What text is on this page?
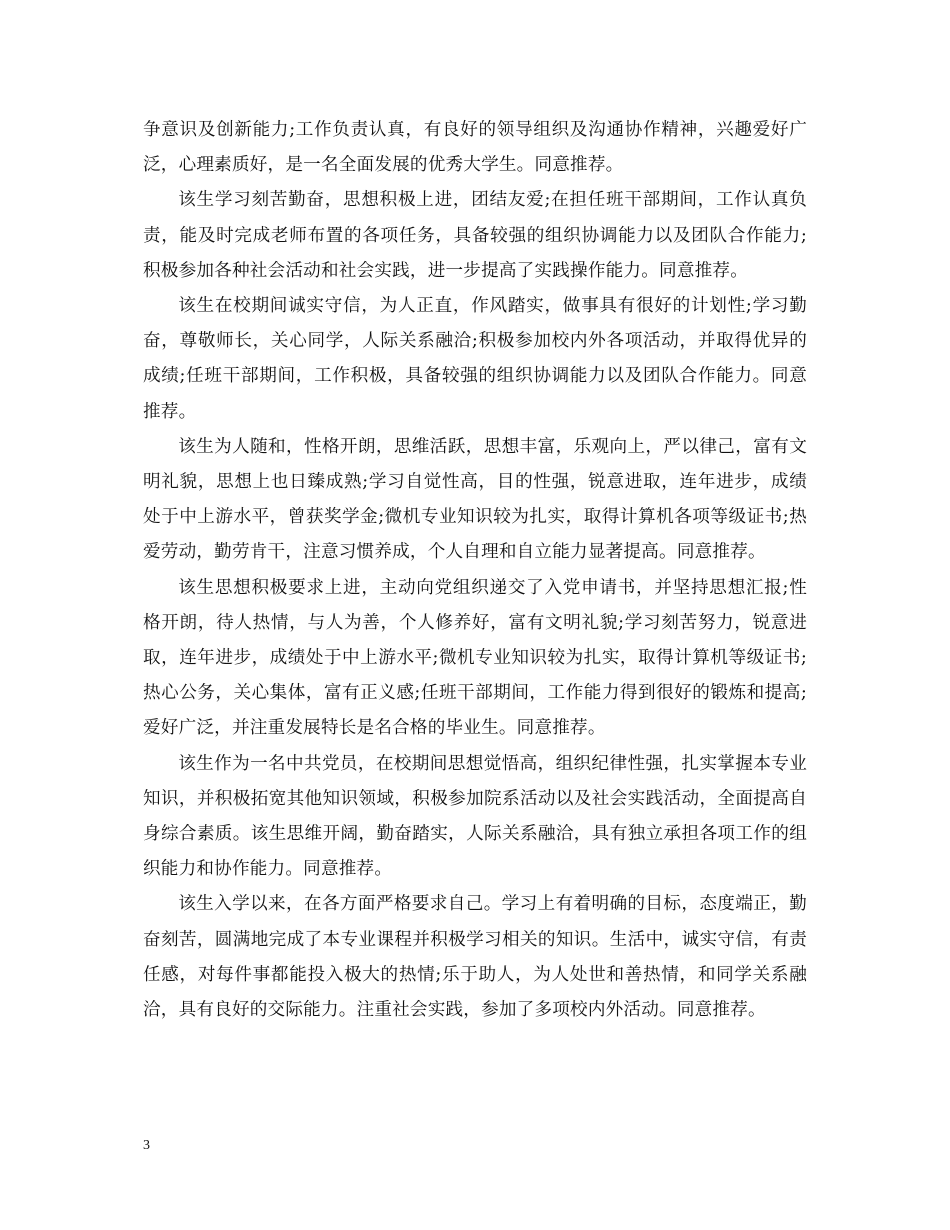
争意识及创新能力;工作负责认真，有良好的领导组织及沟通协作精神，兴趣爱好广泛，心理素质好，是一名全面发展的优秀大学生。同意推荐。

该生学习刻苦勤奋，思想积极上进，团结友爱;在担任班干部期间，工作认真负责，能及时完成老师布置的各项任务，具备较强的组织协调能力以及团队合作能力;积极参加各种社会活动和社会实践，进一步提高了实践操作能力。同意推荐。

该生在校期间诚实守信，为人正直，作风踏实，做事具有很好的计划性;学习勤奋，尊敬师长，关心同学，人际关系融洽;积极参加校内外各项活动，并取得优异的成绩;任班干部期间，工作积极，具备较强的组织协调能力以及团队合作能力。同意推荐。

该生为人随和，性格开朗，思维活跃，思想丰富，乐观向上，严以律己，富有文明礼貌，思想上也日臻成熟;学习自觉性高，目的性强，锐意进取，连年进步，成绩处于中上游水平，曾获奖学金;微机专业知识较为扎实，取得计算机各项等级证书;热爱劳动，勤劳肯干，注意习惯养成，个人自理和自立能力显著提高。同意推荐。

该生思想积极要求上进，主动向党组织递交了入党申请书，并坚持思想汇报;性格开朗，待人热情，与人为善，个人修养好，富有文明礼貌;学习刻苦努力，锐意进取，连年进步，成绩处于中上游水平;微机专业知识较为扎实，取得计算机等级证书;热心公务，关心集体，富有正义感;任班干部期间，工作能力得到很好的锻炼和提高;爱好广泛，并注重发展特长是名合格的毕业生。同意推荐。

该生作为一名中共党员，在校期间思想觉悟高，组织纪律性强，扎实掌握本专业知识，并积极拓宽其他知识领域，积极参加院系活动以及社会实践活动，全面提高自身综合素质。该生思维开阔，勤奋踏实，人际关系融洽，具有独立承担各项工作的组织能力和协作能力。同意推荐。

该生入学以来，在各方面严格要求自己。学习上有着明确的目标，态度端正，勤奋刻苦，圆满地完成了本专业课程并积极学习相关的知识。生活中，诚实守信，有责任感，对每件事都能投入极大的热情;乐于助人，为人处世和善热情，和同学关系融洽，具有良好的交际能力。注重社会实践，参加了多项校内外活动。同意推荐。

3
